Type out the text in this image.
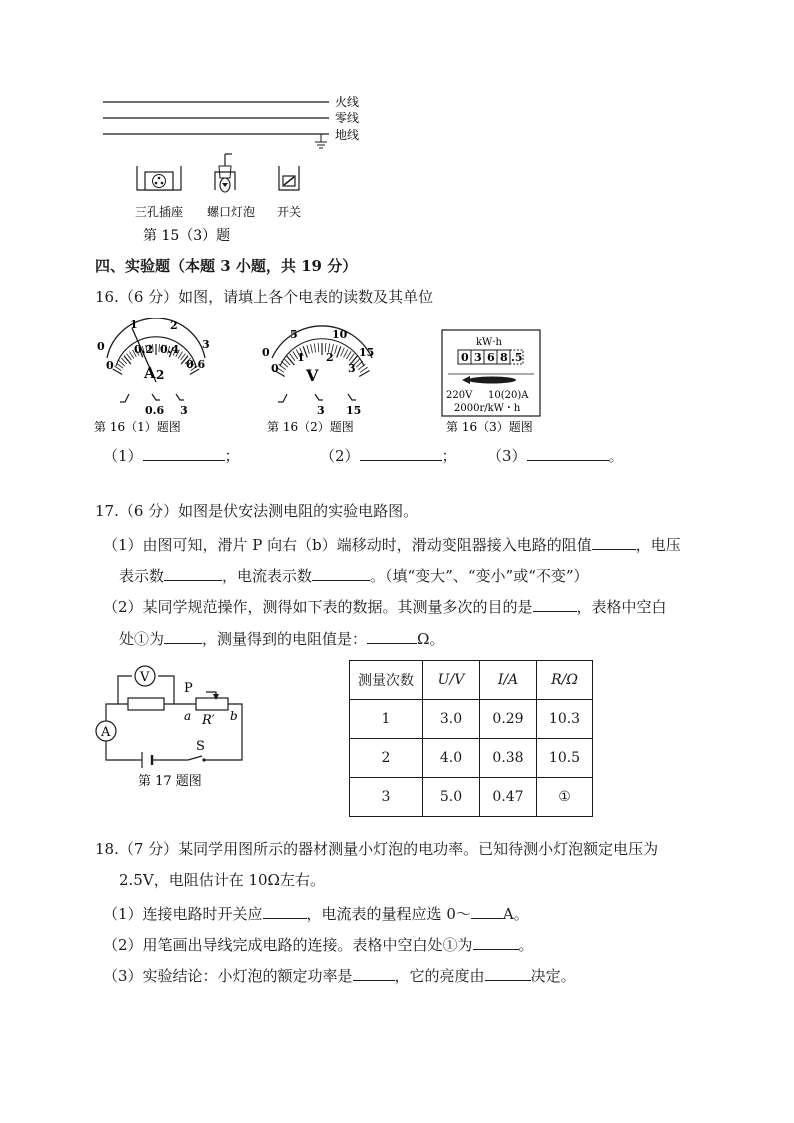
火线
零线
地线
三孔插座 螺口灯泡 开关
第 15（3）题
四、实验题（本题 3 小题，共 19 分）
16.（6 分）如图，请填上各个电表的读数及其单位
0
1	2
3
0
0.2 0.4
0.6
A 2
0.6 3
第 16（1）题图
0
5	10
15
0
1 2
3
V
3 15
第 16（2）题图
kW·h
0 3 6 8 .5
220V 10(20)A
2000r/kW・h
第 16（3）题图
（1）	；	（2）	； （3）	。
17.（6 分）如图是伏安法测电阻的实验电路图。
（1）由图可知，滑片 P 向右（b）端移动时，滑动变阻器接入电路的阻值	，电压
表示数	，电流表示数	。（填“变大”、“变小”或“不变”）
（2）某同学规范操作，测得如下表的数据。其测量多次的目的是	，表格中空白
处①为	，测量得到的电阻值是：	Ω。
V
A
P
a R′ b
S
第 17 题图
测量次数	U/V	I/A	R/Ω
1	3.0	0.29	10.3
2	4.0	0.38	10.5
3	5.0	0.47	①
18.（7 分）某同学用图所示的器材测量小灯泡的电功率。已知待测小灯泡额定电压为
2.5V，电阻估计在 10Ω左右。
（1）连接电路时开关应	，电流表的量程应选 0～ A。
（2）用笔画出导线完成电路的连接。表格中空白处①为	。
（3）实验结论：小灯泡的额定功率是	，它的亮度由	决定。
